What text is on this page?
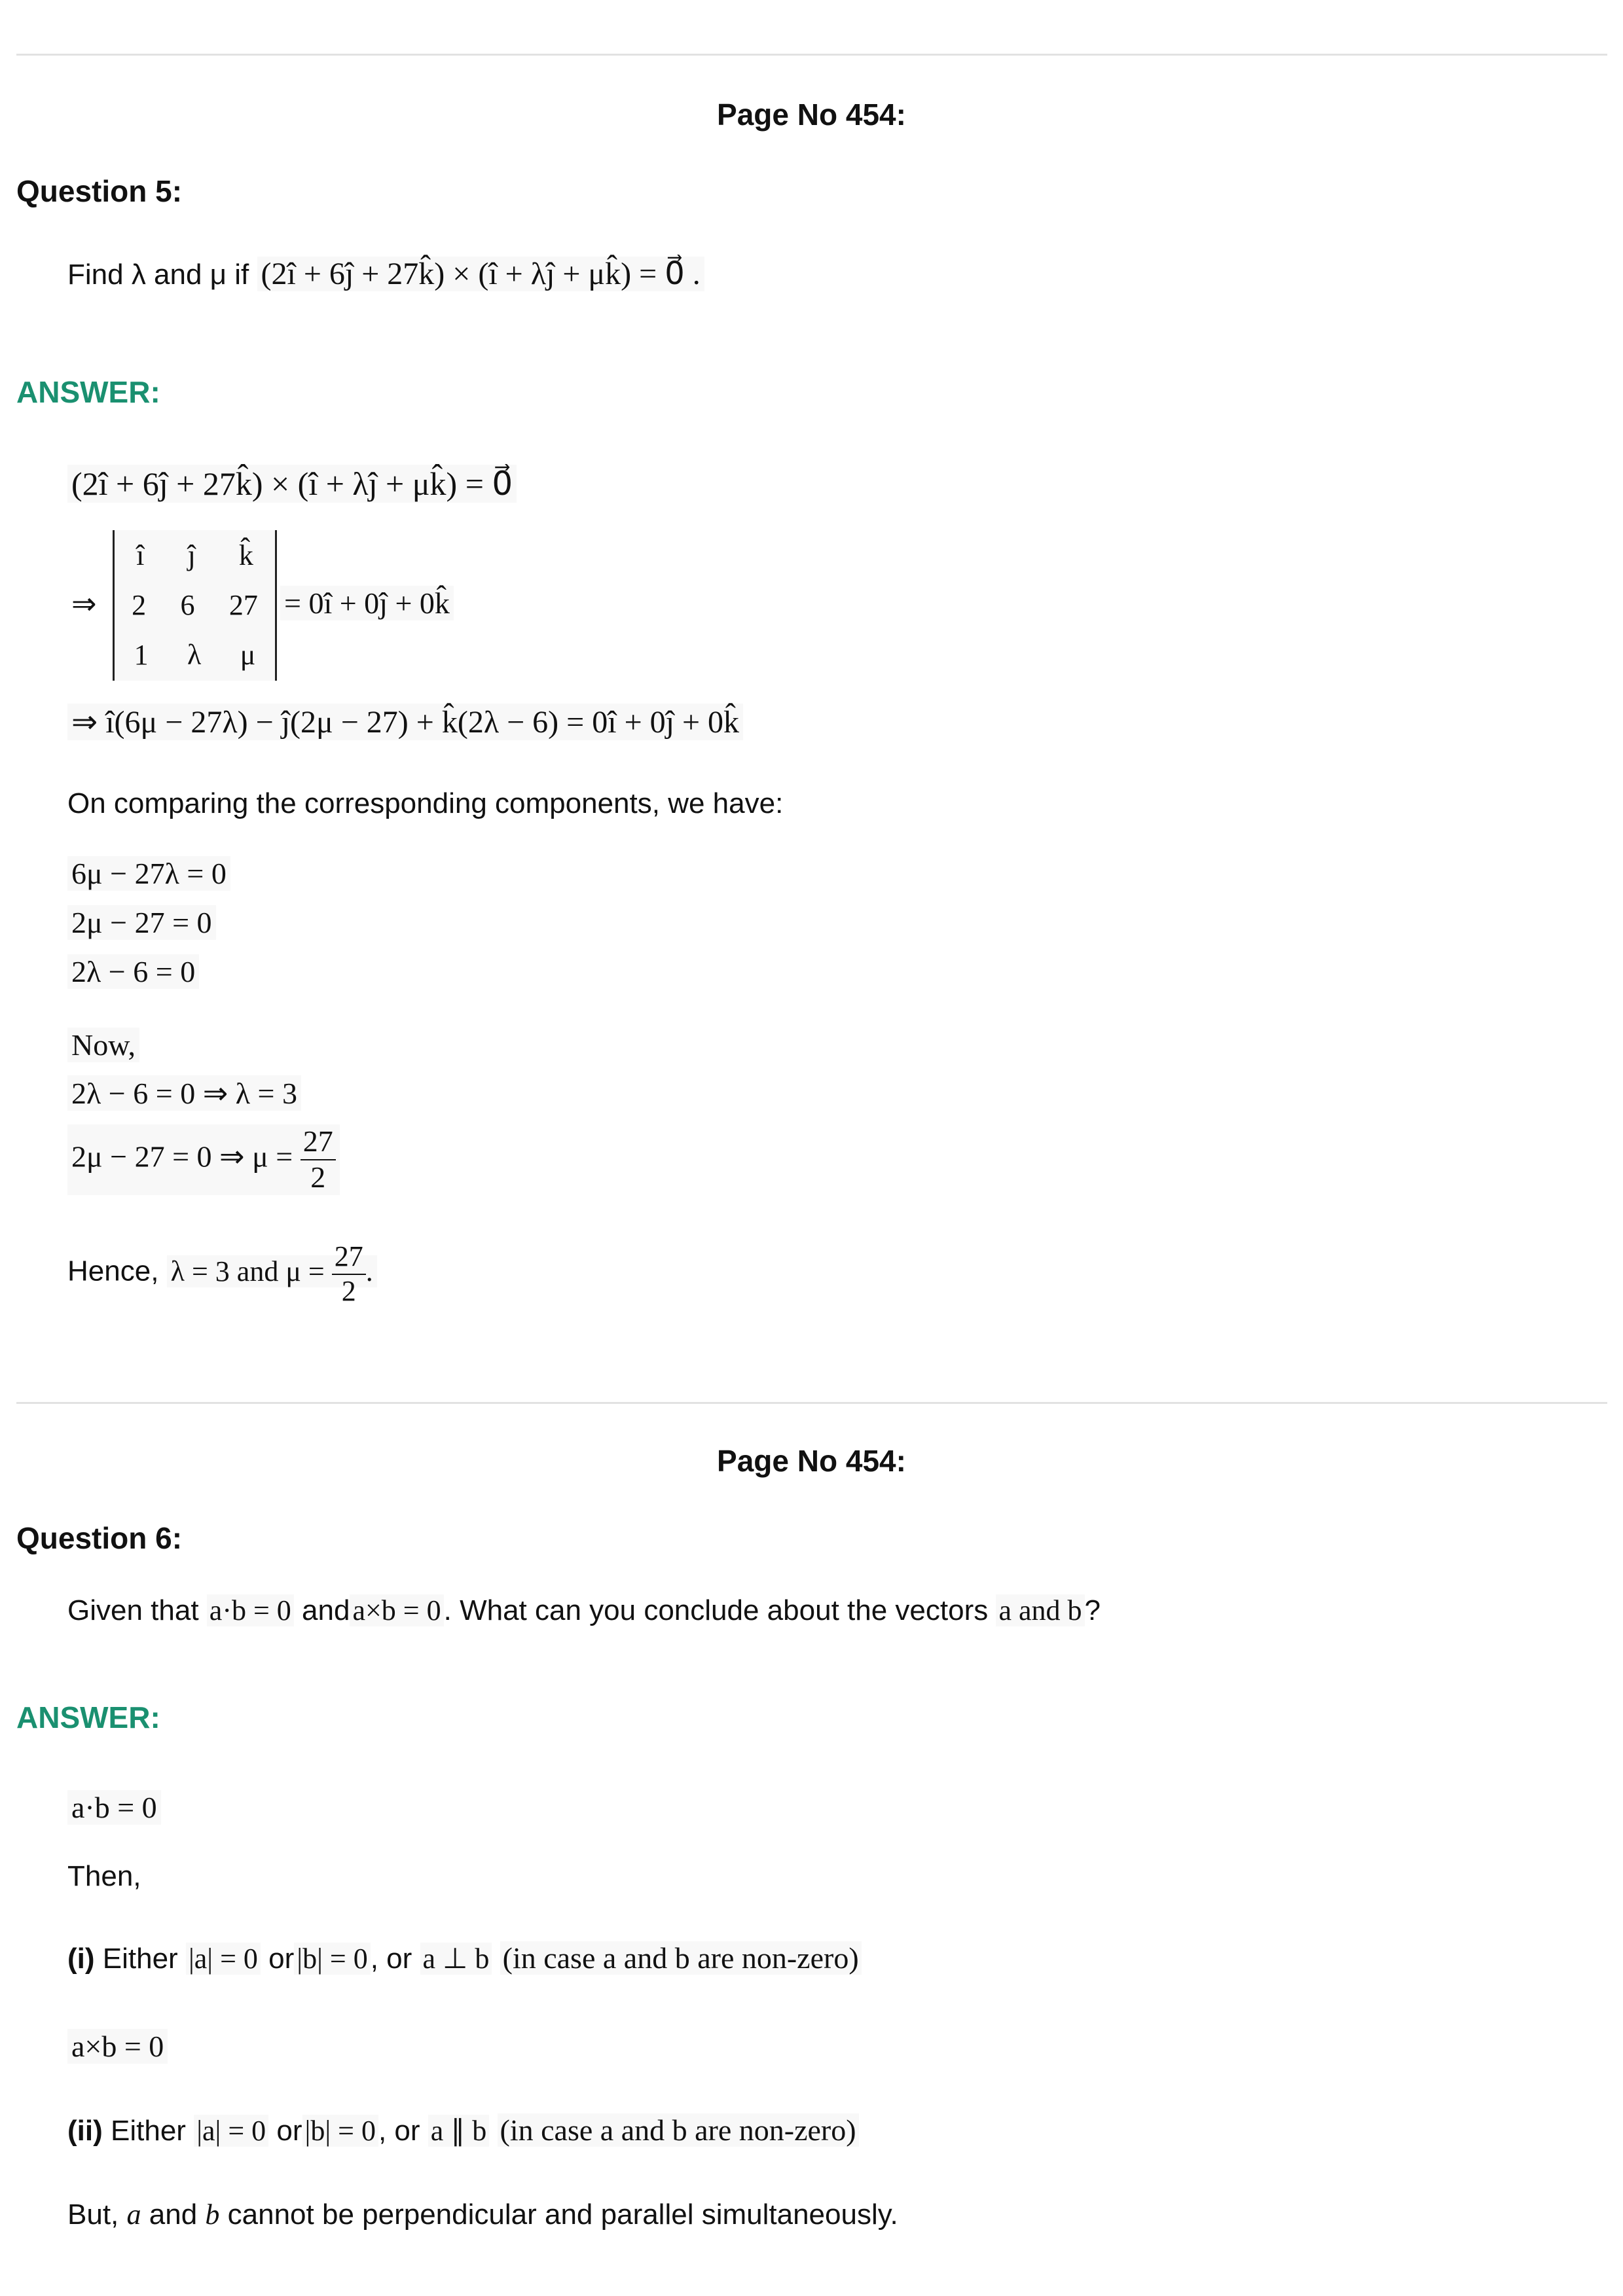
Page No 454:
Question 5:
Find λ and μ if (2î + 6ĵ + 27k̂) × (î + λĵ + μk̂) = 0⃗ .
ANSWER:
(2î + 6ĵ + 27k̂) × (î + λĵ + μk̂) = 0⃗
⇒
î ĵ k̂
2 6 27
1 λ μ
= 0î + 0ĵ + 0k̂
⇒ î(6μ − 27λ) − ĵ(2μ − 27) + k̂(2λ − 6) = 0î + 0ĵ + 0k̂
On comparing the corresponding components, we have:
6μ − 27λ = 0
2μ − 27 = 0
2λ − 6 = 0
Now,
2λ − 6 = 0 ⇒ λ = 3
2μ − 27 = 0 ⇒ $\mu = \frac{27}{2}$
Hence, λ = 3 and $\mu = \frac{27}{2}$ .
Page No 454:
Question 6:
Given that a·b = 0 anda×b = 0. What can you conclude about the vectors a and b?
ANSWER:
a·b = 0
Then,
(i) Either |a| = 0 or|b| = 0, or a ⊥ b (in case a and b are non-zero)
a×b = 0
(ii) Either |a| = 0 or|b| = 0, or a ∥ b (in case a and b are non-zero)
But, a and b cannot be perpendicular and parallel simultaneously.
